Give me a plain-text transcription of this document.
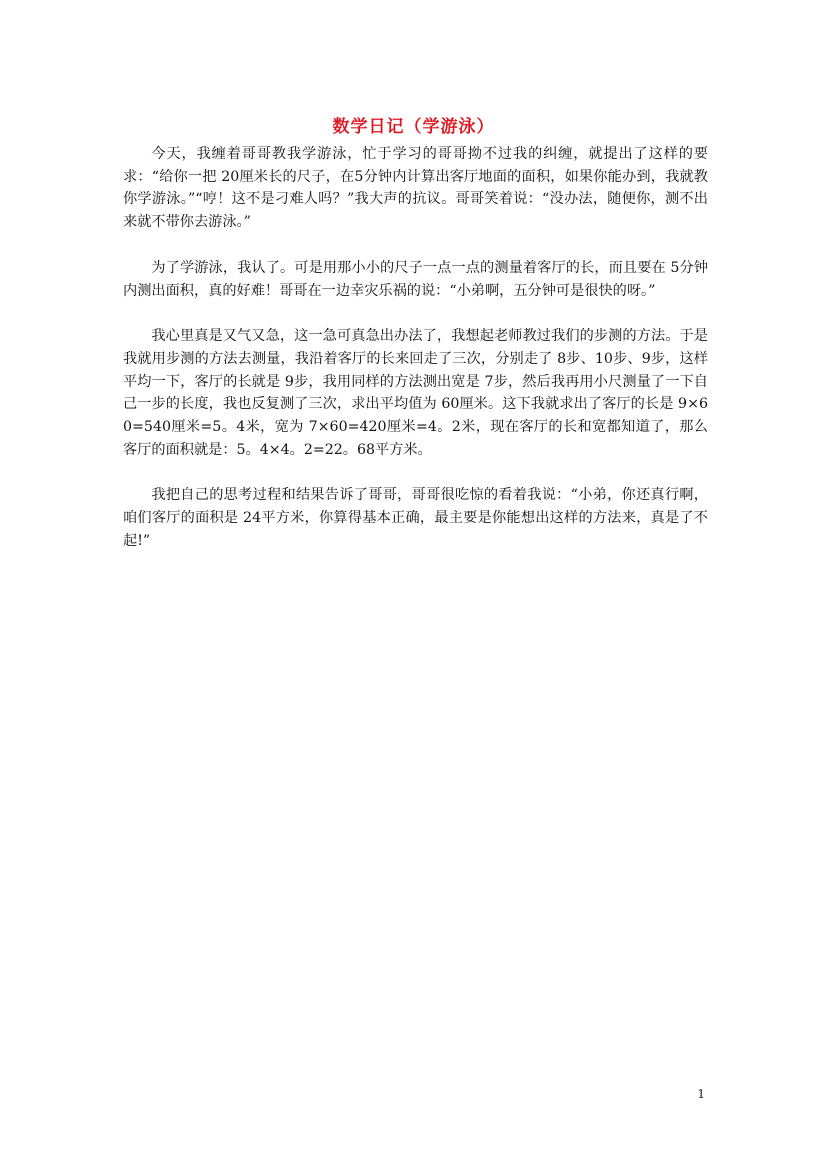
数学日记（学游泳）

今天，我缠着哥哥教我学游泳，忙于学习的哥哥拗不过我的纠缠，就提出了这样的要求：“给你一把 20厘米长的尺子，在5分钟内计算出客厅地面的面积，如果你能办到，我就教你学游泳。”“哼！这不是刁难人吗？”我大声的抗议。哥哥笑着说：“没办法，随便你，测不出来就不带你去游泳。”

为了学游泳，我认了。可是用那小小的尺子一点一点的测量着客厅的长，而且要在 5分钟内测出面积，真的好难！哥哥在一边幸灾乐祸的说：“小弟啊，五分钟可是很快的呀。”

我心里真是又气又急，这一急可真急出办法了，我想起老师教过我们的步测的方法。于是我就用步测的方法去测量，我沿着客厅的长来回走了三次，分别走了 8步、10步、9步，这样平均一下，客厅的长就是 9步，我用同样的方法测出宽是 7步，然后我再用小尺测量了一下自己一步的长度，我也反复测了三次，求出平均值为 60厘米。这下我就求出了客厅的长是 9×60=540厘米=5。4米，宽为 7×60=420厘米=4。2米，现在客厅的长和宽都知道了，那么客厅的面积就是：5。4×4。2=22。68平方米。

我把自己的思考过程和结果告诉了哥哥，哥哥很吃惊的看着我说：“小弟，你还真行啊，咱们客厅的面积是 24平方米，你算得基本正确，最主要是你能想出这样的方法来，真是了不起!”

1
